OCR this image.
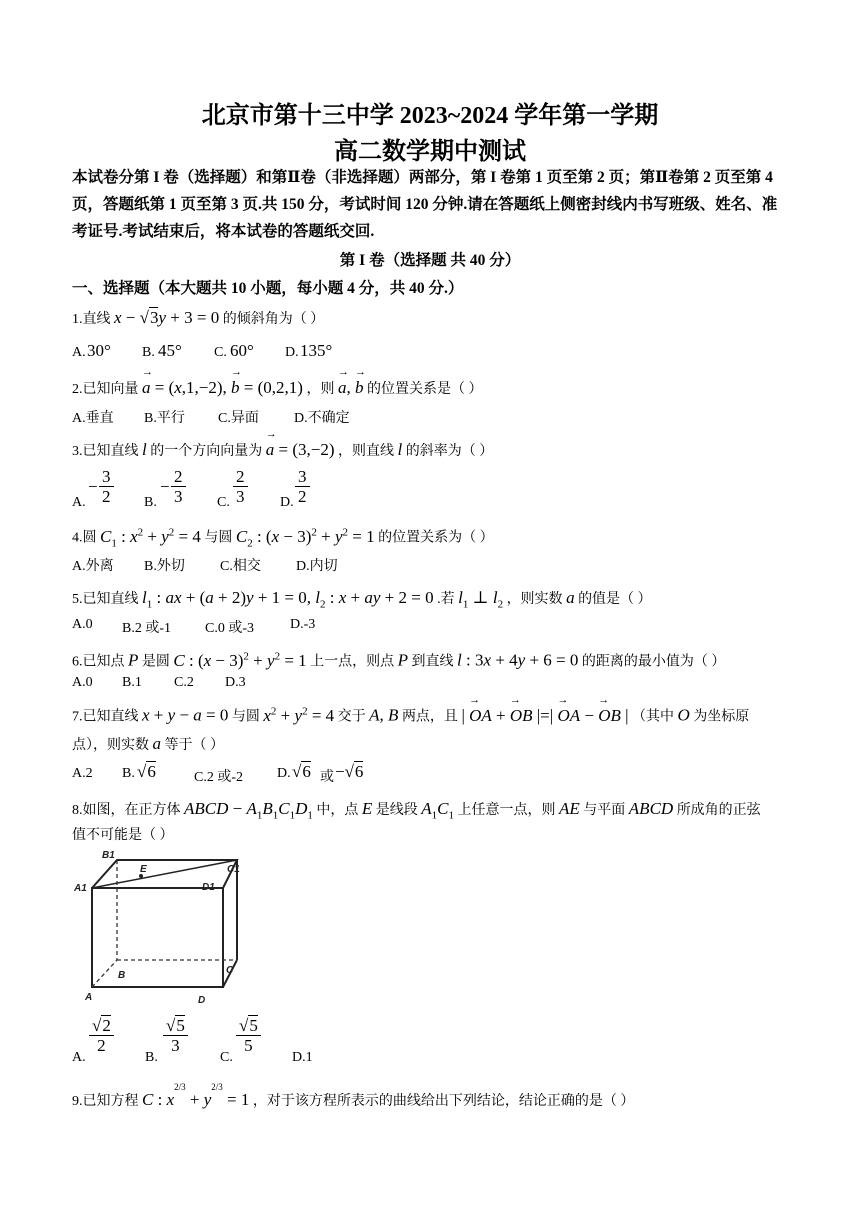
北京市第十三中学 2023~2024 学年第一学期
高二数学期中测试
本试卷分第 I 卷（选择题）和第Ⅱ卷（非选择题）两部分，第 I 卷第 1 页至第 2 页；第Ⅱ卷第 2 页至第 4 页，答题纸第 1 页至第 3 页.共 150 分，考试时间 120 分钟.请在答题纸上侧密封线内书写班级、姓名、准考证号.考试结束后，将本试卷的答题纸交回.
第 I 卷（选择题 共 40 分）
一、选择题（本大题共 10 小题，每小题 4 分，共 40 分.）
1.直线 x − √3y + 3 = 0 的倾斜角为（ ）
A. 30° B. 45° C. 60° D. 135°
2.已知向量 → a = (x,1,−2), → b = (0,2,1) ，则 → a, → b 的位置关系是（ ）
A.垂直 B.平行 C.异面	D.不确定
3.已知直线 l 的一个方向向量为 → a = (3,−2) ，则直线 l 的斜率为（ ）
A.
− $\frac{3}{2} B$.
− $\frac{2}{3} C$. $\frac{2}{3} D$. $\frac{3}{2}$
4.圆 $C_1$ : $x^2 + y^2 = 4$ 与圆 $C_2$ : $(x - 3)^2 + y^2 = 1$ 的位置关系为（ ）
A.外离 B.外切	C.相交	D.内切
5.已知直线 $l_1$ : ax + (a + 2)y + 1 = 0, $l_2$ : x + ay + 2 = 0 .若 $l_1$ ⊥ $l_2$ ，则实数 a 的值是（ ）
A.0 B.2 或-1 C.0 或-3	D.-3
6.已知点 P 是圆 C : $(x - 3)^2 + y^2 = 1$ 上一点，则点 P 到直线 l : 3x + 4y + 6 = 0 的距离的最小值为（ ）
A.0 B.1 C.2 D.3
7.已知直线 x + y − a = 0 与圆 $x^2 + y^2 = 4$ 交于 A, B 两点，且 | → OA + → OB |=| → OA − → OB | （其中 O 为坐标原
点），则实数 a 等于（ ）
A.2 B. √6	C.2 或-2 D. √6 或 −√6
8.如图，在正方体 ABCD − $A_1B_1C_1D_1$ 中，点 E 是线段 $A_1C_1$ 上任意一点，则 AE 与平面 ABCD 所成角的正弦
值不可能是（ ）
B1
C1
A1	D1
E
B	C
A	D
A.
$\frac{√2}{2}$
B.
$\frac{√5}{3}$
C.
$\frac{√5}{5}$
D.1
9.已知方程 C : $x^{2/3} + y^{2/3} = 1$ ，对于该方程所表示的曲线给出下列结论，结论正确的是（ ）
